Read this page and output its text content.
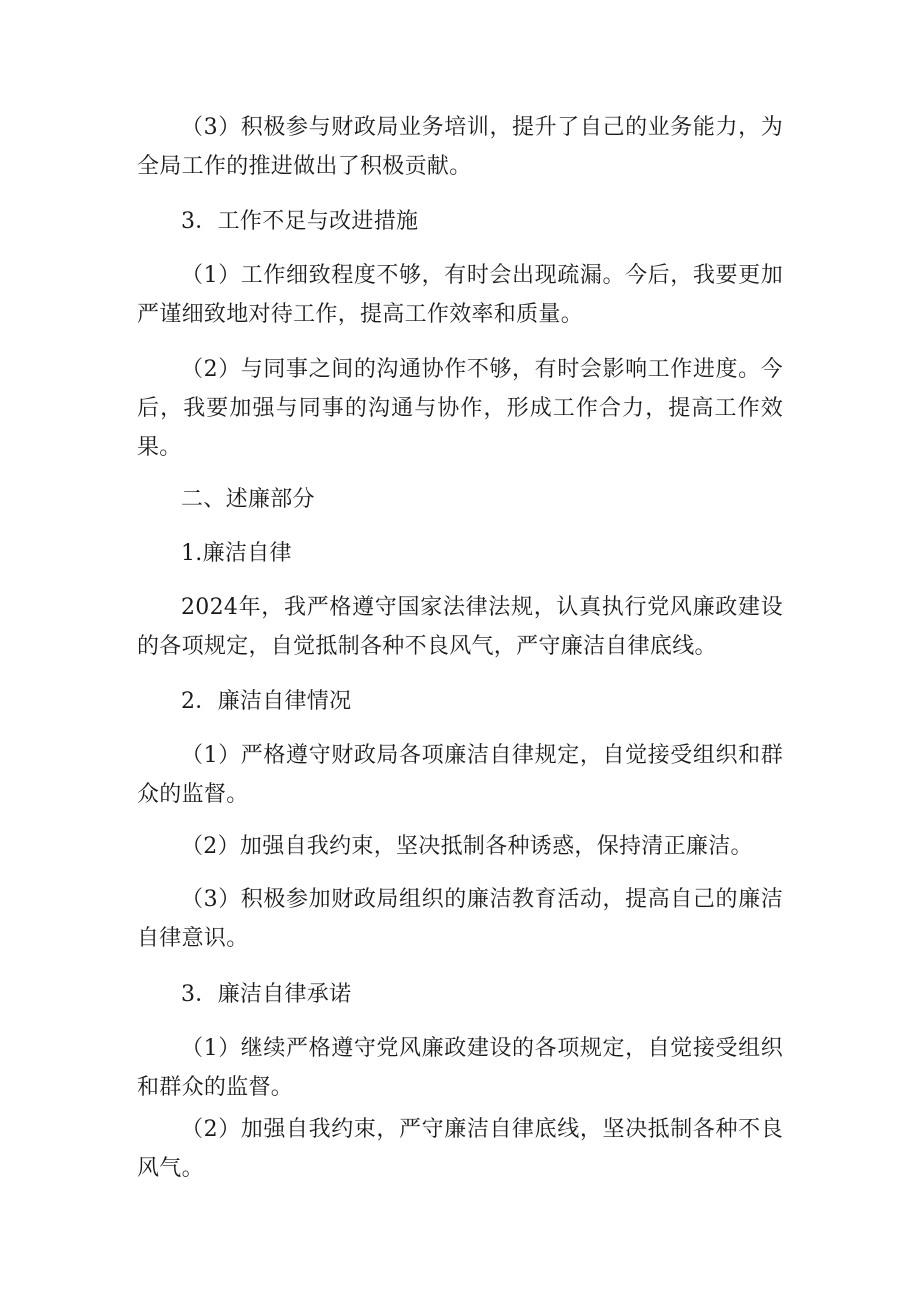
（3）积极参与财政局业务培训，提升了自己的业务能力，为全局工作的推进做出了积极贡献。

3．工作不足与改进措施

（1）工作细致程度不够，有时会出现疏漏。今后，我要更加严谨细致地对待工作，提高工作效率和质量。

（2）与同事之间的沟通协作不够，有时会影响工作进度。今后，我要加强与同事的沟通与协作，形成工作合力，提高工作效果。

二、述廉部分

1.廉洁自律

2024年，我严格遵守国家法律法规，认真执行党风廉政建设的各项规定，自觉抵制各种不良风气，严守廉洁自律底线。

2．廉洁自律情况

（1）严格遵守财政局各项廉洁自律规定，自觉接受组织和群众的监督。

（2）加强自我约束，坚决抵制各种诱惑，保持清正廉洁。

（3）积极参加财政局组织的廉洁教育活动，提高自己的廉洁自律意识。

3．廉洁自律承诺

（1）继续严格遵守党风廉政建设的各项规定，自觉接受组织和群众的监督。

（2）加强自我约束，严守廉洁自律底线，坚决抵制各种不良风气。
